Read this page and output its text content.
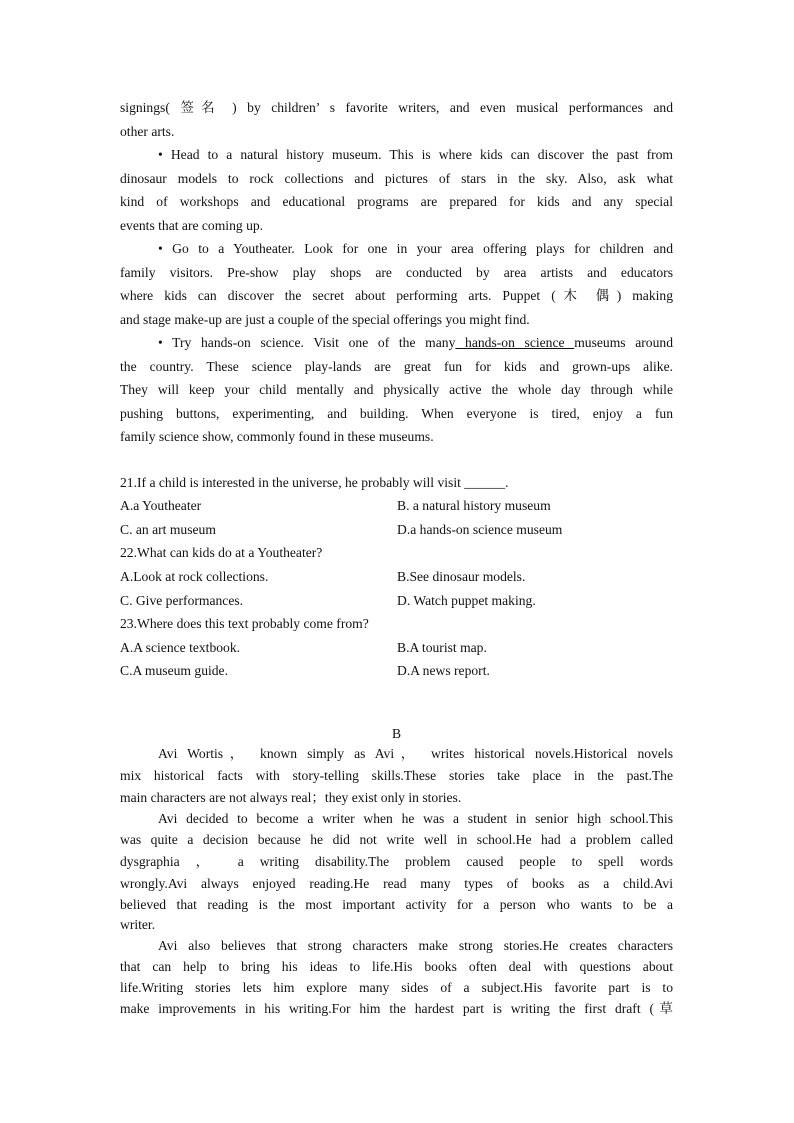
signings( 签名 ) by children’ s favorite writers, and even musical performances and
other arts.
• Head to a natural history museum. This is where kids can discover the past from
dinosaur models to rock collections and pictures of stars in the sky. Also, ask what
kind of workshops and educational programs are prepared for kids and any special
events that are coming up.
• Go to a Youtheater. Look for one in your area offering plays for children and
family visitors. Pre-show play shops are conducted by area artists and educators
where kids can discover the secret about performing arts. Puppet (木 偶) making
and stage make-up are just a couple of the special offerings you might find.
• Try hands-on science. Visit one of the many hands-on science museums around
the country. These science play-lands are great fun for kids and grown-ups alike.
They will keep your child mentally and physically active the whole day through while
pushing buttons, experimenting, and building. When everyone is tired, enjoy a fun
family science show, commonly found in these museums.
21.If a child is interested in the universe, he probably will visit ______.
A.a Youtheater	B. a natural history museum
C. an art museum	D.a hands-on science museum
22.What can kids do at a Youtheater?
A.Look at rock collections.	B.See dinosaur models.
C. Give performances.	D. Watch puppet making.
23.Where does this text probably come from?
A.A science textbook.	B.A tourist map.
C.A museum guide.	D.A news report.
B
Avi Wortis， known simply as Avi， writes historical novels.Historical novels
mix historical facts with story-telling skills.These stories take place in the past.The
main characters are not always real；they exist only in stories.
Avi decided to become a writer when he was a student in senior high school.This
was quite a decision because he did not write well in school.He had a problem called
dysgraphia ， a writing disability.The problem caused people to spell words
wrongly.Avi always enjoyed reading.He read many types of books as a child.Avi
believed that reading is the most important activity for a person who wants to be a
writer.
Avi also believes that strong characters make strong stories.He creates characters
that can help to bring his ideas to life.His books often deal with questions about
life.Writing stories lets him explore many sides of a subject.His favorite part is to
make improvements in his writing.For him the hardest part is writing the first draft (草
